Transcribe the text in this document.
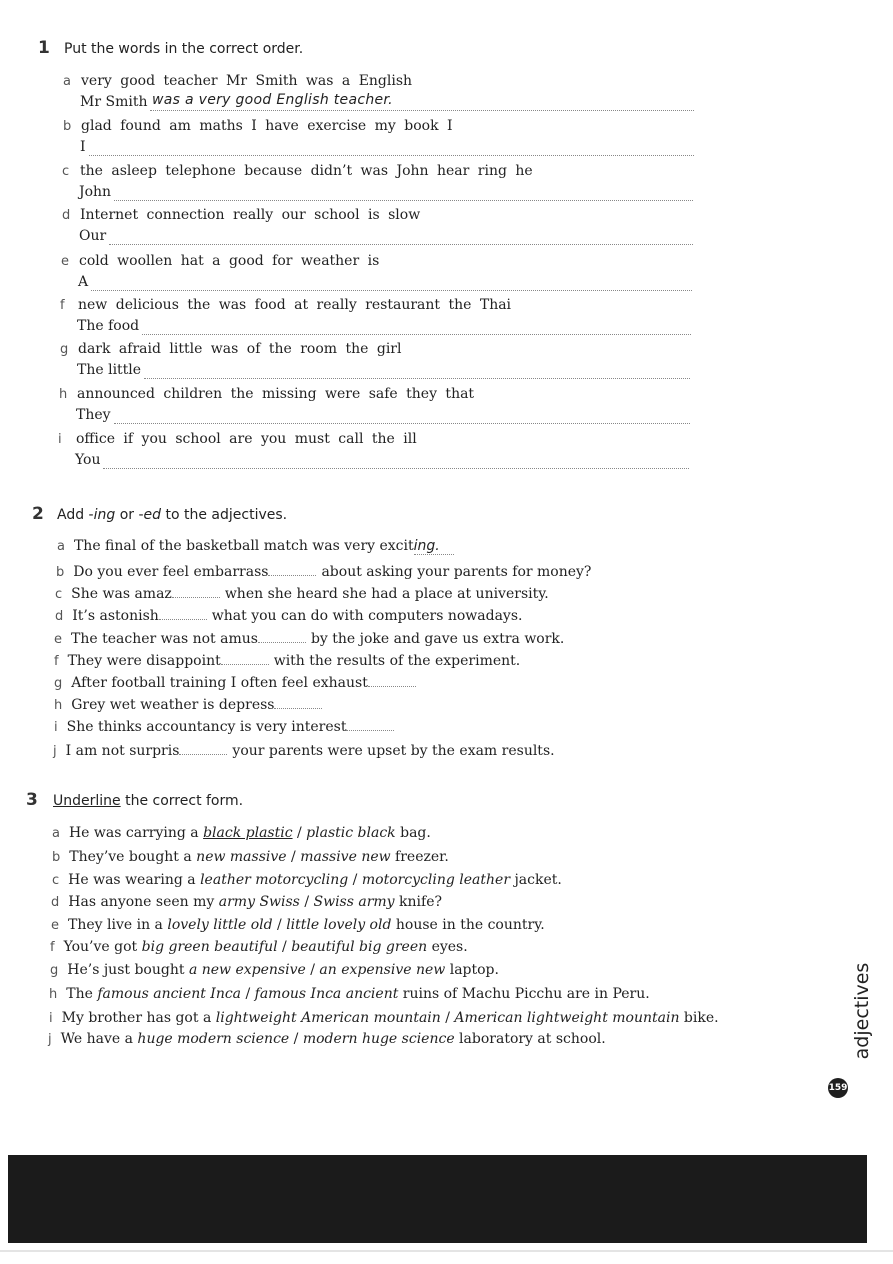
1 Put the words in the correct order.
a very good teacher Mr Smith was a English
Mr Smith was a very good English teacher.
b glad found am maths I have exercise my book I
I
c the asleep telephone because didn’t was John hear ring he
John
d Internet connection really our school is slow
Our
e cold woollen hat a good for weather is
A
f new delicious the was food at really restaurant the Thai
The food
g dark afraid little was of the room the girl
The little
h announced children the missing were safe they that
They
i office if you school are you must call the ill
You
2 Add -ing or -ed to the adjectives.
a The final of the basketball match was very exciting.
b Do you ever feel embarrass	about asking your parents for money?
c She was amaz	when she heard she had a place at university.
d It’s astonish	what you can do with computers nowadays.
e The teacher was not amus	by the joke and gave us extra work.
f They were disappoint	with the results of the experiment.
g After football training I often feel exhaust
h Grey wet weather is depress
i She thinks accountancy is very interest
j I am not surpris	your parents were upset by the exam results.
3 Underline the correct form.
a He was carrying a black plastic / plastic black bag.
b They’ve bought a new massive / massive new freezer.
c He was wearing a leather motorcycling / motorcycling leather jacket.
d Has anyone seen my army Swiss / Swiss army knife?
e They live in a lovely little old / little lovely old house in the country.
f You’ve got big green beautiful / beautiful big green eyes.
g He’s just bought a new expensive / an expensive new laptop.
h The famous ancient Inca / famous Inca ancient ruins of Machu Picchu are in Peru.
i My brother has got a lightweight American mountain / American lightweight mountain bike.
j We have a huge modern science / modern huge science laboratory at school.	adjectives
159
